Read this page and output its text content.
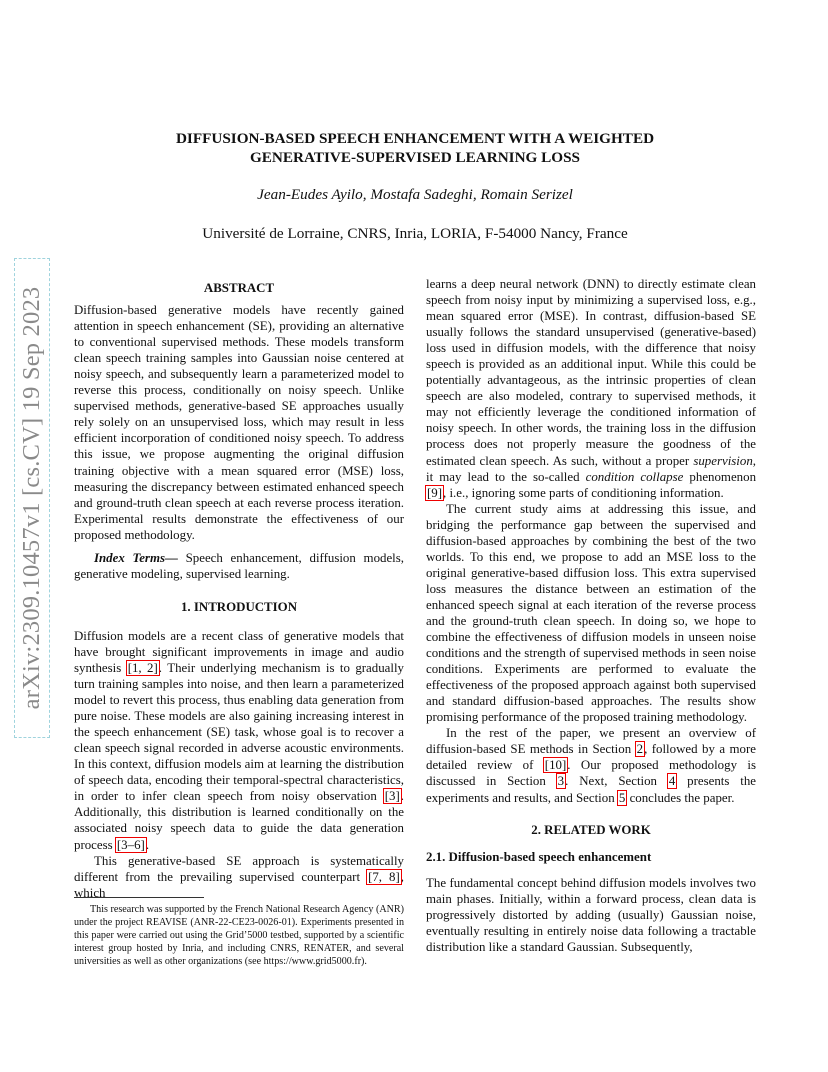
arXiv:2309.10457v1 [cs.CV] 19 Sep 2023
DIFFUSION-BASED SPEECH ENHANCEMENT WITH A WEIGHTED
GENERATIVE-SUPERVISED LEARNING LOSS
Jean-Eudes Ayilo, Mostafa Sadeghi, Romain Serizel
Université de Lorraine, CNRS, Inria, LORIA, F-54000 Nancy, France

ABSTRACT

Diffusion-based generative models have recently gained attention in speech enhancement (SE), providing an alternative to conventional supervised methods. These models transform clean speech training samples into Gaussian noise centered at noisy speech, and subsequently learn a parameterized model to reverse this process, conditionally on noisy speech. Unlike supervised methods, generative-based SE approaches usually rely solely on an unsupervised loss, which may result in less efficient incorporation of conditioned noisy speech. To address this issue, we propose augmenting the original diffusion training objective with a mean squared error (MSE) loss, measuring the discrepancy between estimated enhanced speech and ground-truth clean speech at each reverse process iteration. Experimental results demonstrate the effectiveness of our proposed methodology.

Index Terms— Speech enhancement, diffusion models, generative modeling, supervised learning.

1. INTRODUCTION

Diffusion models are a recent class of generative models that have brought significant improvements in image and audio synthesis [1, 2]. Their underlying mechanism is to gradually turn training samples into noise, and then learn a parameterized model to revert this process, thus enabling data generation from pure noise. These models are also gaining increasing interest in the speech enhancement (SE) task, whose goal is to recover a clean speech signal recorded in adverse acoustic environments. In this context, diffusion models aim at learning the distribution of speech data, encoding their temporal-spectral characteristics, in order to infer clean speech from noisy observation [3]. Additionally, this distribution is learned conditionally on the associated noisy speech data to guide the data generation process [3–6].

This generative-based SE approach is systematically different from the prevailing supervised counterpart [7, 8], which

This research was supported by the French National Research Agency (ANR) under the project REAVISE (ANR-22-CE23-0026-01). Experiments presented in this paper were carried out using the Grid’5000 testbed, supported by a scientific interest group hosted by Inria, and including CNRS, RENATER, and several universities as well as other organizations (see https://www.grid5000.fr).

learns a deep neural network (DNN) to directly estimate clean speech from noisy input by minimizing a supervised loss, e.g., mean squared error (MSE). In contrast, diffusion-based SE usually follows the standard unsupervised (generative-based) loss used in diffusion models, with the difference that noisy speech is provided as an additional input. While this could be potentially advantageous, as the intrinsic properties of clean speech are also modeled, contrary to supervised methods, it may not efficiently leverage the conditioned information of noisy speech. In other words, the training loss in the diffusion process does not properly measure the goodness of the estimated clean speech. As such, without a proper supervision, it may lead to the so-called condition collapse phenomenon [9], i.e., ignoring some parts of conditioning information.

The current study aims at addressing this issue, and bridging the performance gap between the supervised and diffusion-based approaches by combining the best of the two worlds. To this end, we propose to add an MSE loss to the original generative-based diffusion loss. This extra supervised loss measures the distance between an estimation of the enhanced speech signal at each iteration of the reverse process and the ground-truth clean speech. In doing so, we hope to combine the effectiveness of diffusion models in unseen noise conditions and the strength of supervised methods in seen noise conditions. Experiments are performed to evaluate the effectiveness of the proposed approach against both supervised and standard diffusion-based approaches. The results show promising performance of the proposed training methodology.

In the rest of the paper, we present an overview of diffusion-based SE methods in Section 2, followed by a more detailed review of [10]. Our proposed methodology is discussed in Section 3. Next, Section 4 presents the experiments and results, and Section 5 concludes the paper.

2. RELATED WORK

2.1. Diffusion-based speech enhancement

The fundamental concept behind diffusion models involves two main phases. Initially, within a forward process, clean data is progressively distorted by adding (usually) Gaussian noise, eventually resulting in entirely noise data following a tractable distribution like a standard Gaussian. Subsequently,
